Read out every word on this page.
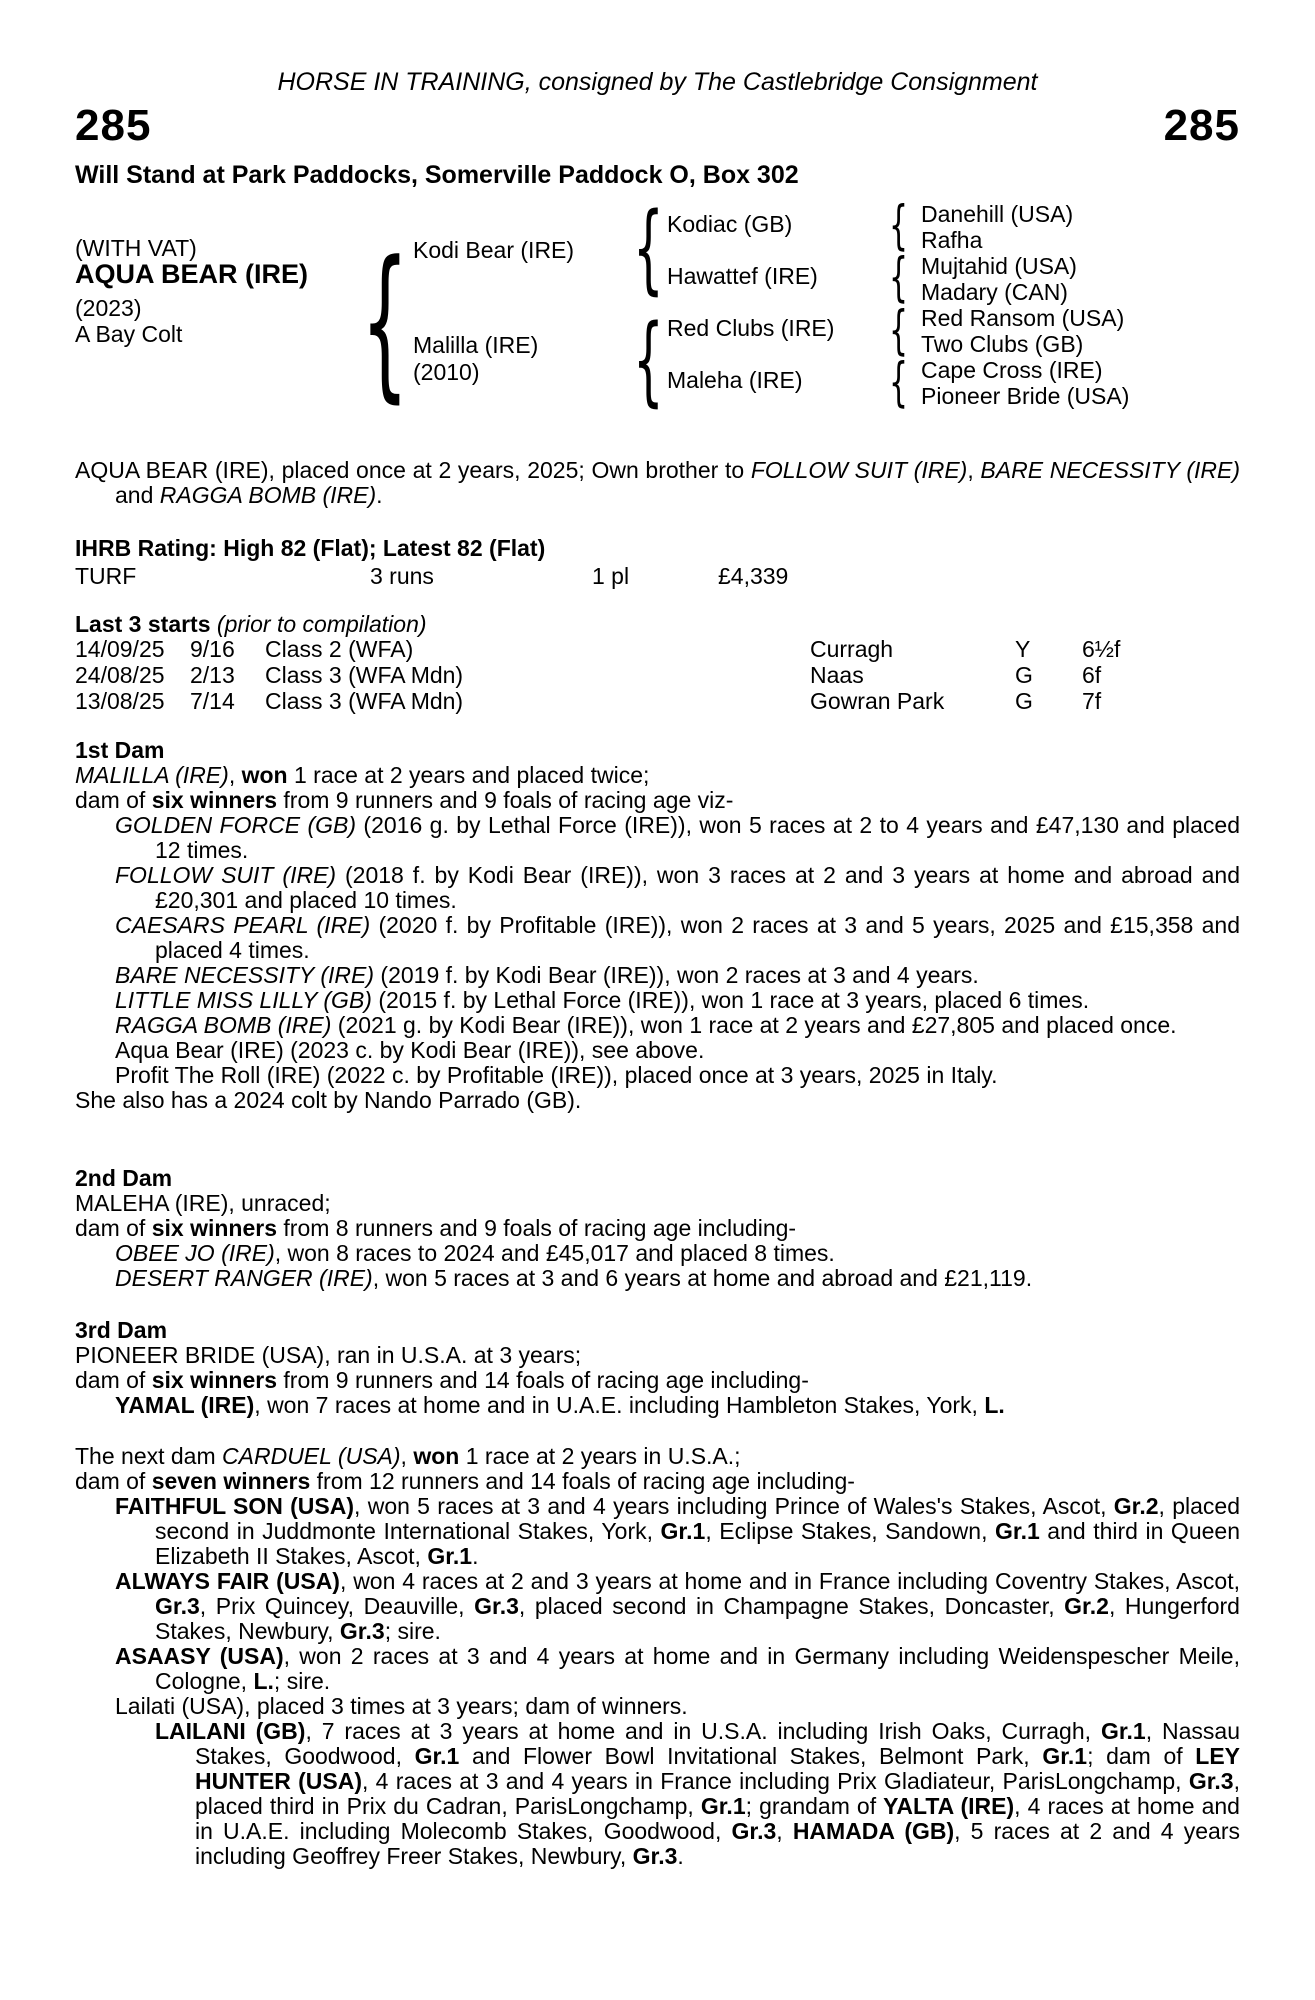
HORSE IN TRAINING, consigned by The Castlebridge Consignment
285	285
Will Stand at Park Paddocks, Somerville Paddock O, Box 302
(WITH VAT)
AQUA BEAR (IRE)
(2023)
A Bay Colt { Kodi Bear (IRE)
Malilla (IRE)
(2010)
{
{
Kodiac (GB)
Hawattef (IRE)
Red Clubs (IRE)
Maleha (IRE)
{
{
{
{
Danehill (USA)
Rafha
Mujtahid (USA)
Madary (CAN)
Red Ransom (USA)
Two Clubs (GB)
Cape Cross (IRE)
Pioneer Bride (USA)
AQUA BEAR (IRE), placed once at 2 years, 2025; Own brother to FOLLOW SUIT (IRE), BARE NECESSITY (IRE) and RAGGA BOMB (IRE).
IHRB Rating: High 82 (Flat); Latest 82 (Flat)
TURF	3 runs	1 pl	£4,339
Last 3 starts (prior to compilation)
14/09/25 9/16 Class 2 (WFA)	Curragh	Y 6½f
24/08/25 2/13 Class 3 (WFA Mdn)	Naas	G 6f
13/08/25 7/14 Class 3 (WFA Mdn)	Gowran Park	G 7f
1st Dam
MALILLA (IRE), won 1 race at 2 years and placed twice;
dam of six winners from 9 runners and 9 foals of racing age viz-
GOLDEN FORCE (GB) (2016 g. by Lethal Force (IRE)), won 5 races at 2 to 4 years and £47,130 and placed 12 times.
FOLLOW SUIT (IRE) (2018 f. by Kodi Bear (IRE)), won 3 races at 2 and 3 years at home and abroad and £20,301 and placed 10 times.
CAESARS PEARL (IRE) (2020 f. by Profitable (IRE)), won 2 races at 3 and 5 years, 2025 and £15,358 and placed 4 times.
BARE NECESSITY (IRE) (2019 f. by Kodi Bear (IRE)), won 2 races at 3 and 4 years.
LITTLE MISS LILLY (GB) (2015 f. by Lethal Force (IRE)), won 1 race at 3 years, placed 6 times.
RAGGA BOMB (IRE) (2021 g. by Kodi Bear (IRE)), won 1 race at 2 years and £27,805 and placed once.
Aqua Bear (IRE) (2023 c. by Kodi Bear (IRE)), see above.
Profit The Roll (IRE) (2022 c. by Profitable (IRE)), placed once at 3 years, 2025 in Italy.
She also has a 2024 colt by Nando Parrado (GB).
2nd Dam
MALEHA (IRE), unraced;
dam of six winners from 8 runners and 9 foals of racing age including-
OBEE JO (IRE), won 8 races to 2024 and £45,017 and placed 8 times.
DESERT RANGER (IRE), won 5 races at 3 and 6 years at home and abroad and £21,119.
3rd Dam
PIONEER BRIDE (USA), ran in U.S.A. at 3 years;
dam of six winners from 9 runners and 14 foals of racing age including-
YAMAL (IRE), won 7 races at home and in U.A.E. including Hambleton Stakes, York, L.
The next dam CARDUEL (USA), won 1 race at 2 years in U.S.A.;
dam of seven winners from 12 runners and 14 foals of racing age including-
FAITHFUL SON (USA), won 5 races at 3 and 4 years including Prince of Wales's Stakes, Ascot, Gr.2, placed second in Juddmonte International Stakes, York, Gr.1, Eclipse Stakes, Sandown, Gr.1 and third in Queen Elizabeth II Stakes, Ascot, Gr.1.
ALWAYS FAIR (USA), won 4 races at 2 and 3 years at home and in France including Coventry Stakes, Ascot, Gr.3, Prix Quincey, Deauville, Gr.3, placed second in Champagne Stakes, Doncaster, Gr.2, Hungerford Stakes, Newbury, Gr.3; sire.
ASAASY (USA), won 2 races at 3 and 4 years at home and in Germany including Weidenspescher Meile, Cologne, L.; sire.
Lailati (USA), placed 3 times at 3 years; dam of winners.
LAILANI (GB), 7 races at 3 years at home and in U.S.A. including Irish Oaks, Curragh, Gr.1, Nassau Stakes, Goodwood, Gr.1 and Flower Bowl Invitational Stakes, Belmont Park, Gr.1; dam of LEY HUNTER (USA), 4 races at 3 and 4 years in France including Prix Gladiateur, ParisLongchamp, Gr.3, placed third in Prix du Cadran, ParisLongchamp, Gr.1; grandam of YALTA (IRE), 4 races at home and in U.A.E. including Molecomb Stakes, Goodwood, Gr.3, HAMADA (GB), 5 races at 2 and 4 years including Geoffrey Freer Stakes, Newbury, Gr.3.
